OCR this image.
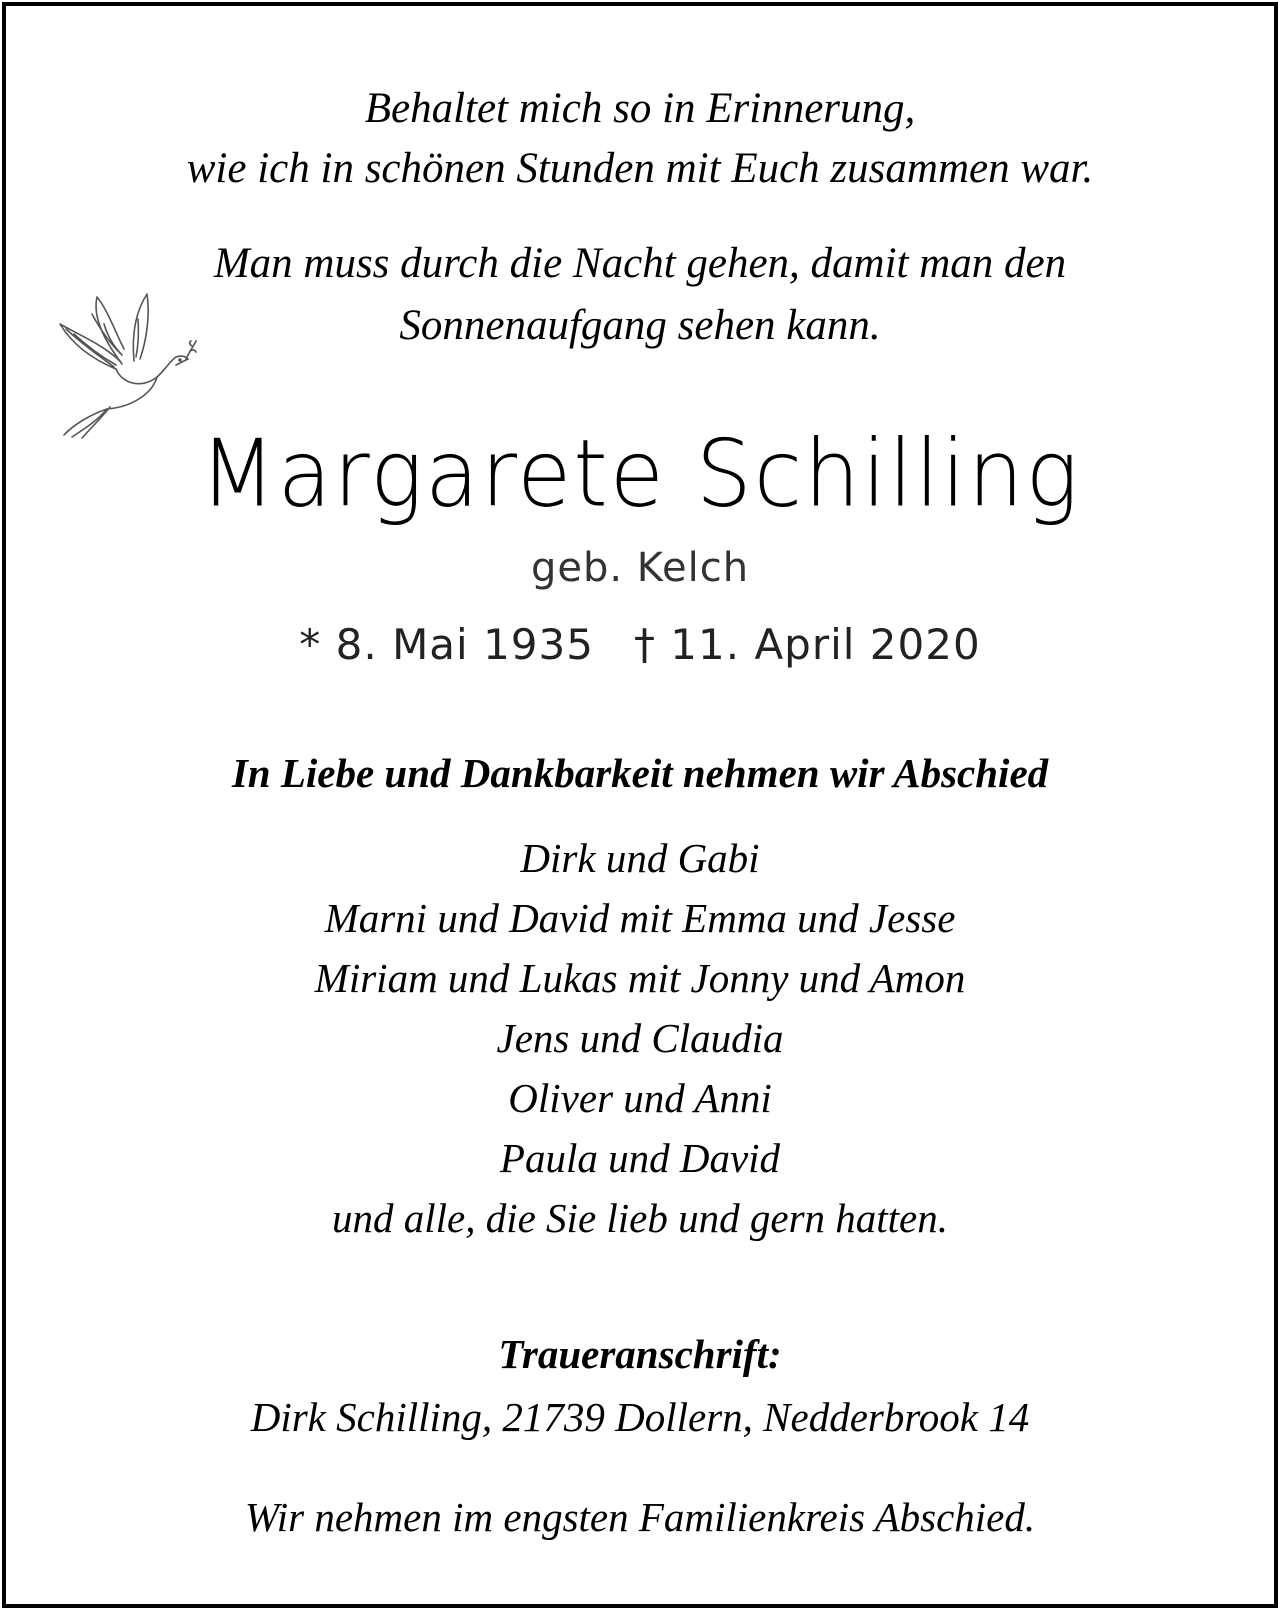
Behaltet mich so in Erinnerung,
wie ich in schönen Stunden mit Euch zusammen war.
Man muss durch die Nacht gehen, damit man den
Sonnenaufgang sehen kann.
Margarete Schilling
geb. Kelch
* 8. Mai 1935 † 11. April 2020
In Liebe und Dankbarkeit nehmen wir Abschied
Dirk und Gabi
Marni und David mit Emma und Jesse
Miriam und Lukas mit Jonny und Amon
Jens und Claudia
Oliver und Anni
Paula und David
und alle, die Sie lieb und gern hatten.
Traueranschrift:
Dirk Schilling, 21739 Dollern, Nedderbrook 14
Wir nehmen im engsten Familienkreis Abschied.
